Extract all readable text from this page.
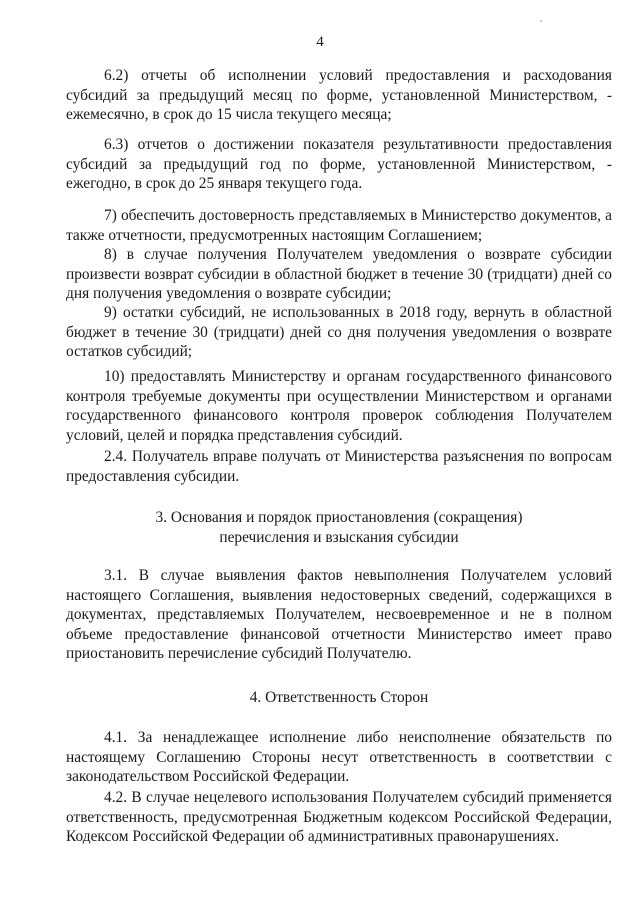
4

6.2) отчеты об исполнении условий предоставления и расходования субсидий за предыдущий месяц по форме, установленной Министерством, - ежемесячно, в срок до 15 числа текущего месяца;

6.3) отчетов о достижении показателя результативности предоставления субсидий за предыдущий год по форме, установленной Министерством, - ежегодно, в срок до 25 января текущего года.

7) обеспечить достоверность представляемых в Министерство документов, а также отчетности, предусмотренных настоящим Соглашением;

8) в случае получения Получателем уведомления о возврате субсидии произвести возврат субсидии в областной бюджет в течение 30 (тридцати) дней со дня получения уведомления о возврате субсидии;

9) остатки субсидий, не использованных в 2018 году, вернуть в областной бюджет в течение 30 (тридцати) дней со дня получения уведомления о возврате остатков субсидий;

10) предоставлять Министерству и органам государственного финансового контроля требуемые документы при осуществлении Министерством и органами государственного финансового контроля проверок соблюдения Получателем условий, целей и порядка представления субсидий.

2.4. Получатель вправе получать от Министерства разъяснения по вопросам предоставления субсидии.

3. Основания и порядок приостановления (сокращения)
перечисления и взыскания субсидии

3.1. В случае выявления фактов невыполнения Получателем условий настоящего Соглашения, выявления недостоверных сведений, содержащихся в документах, представляемых Получателем, несвоевременное и не в полном объеме предоставление финансовой отчетности Министерство имеет право приостановить перечисление субсидий Получателю.

4. Ответственность Сторон

4.1. За ненадлежащее исполнение либо неисполнение обязательств по настоящему Соглашению Стороны несут ответственность в соответствии с законодательством Российской Федерации.

4.2. В случае нецелевого использования Получателем субсидий применяется ответственность, предусмотренная Бюджетным кодексом Российской Федерации, Кодексом Российской Федерации об административных правонарушениях.
